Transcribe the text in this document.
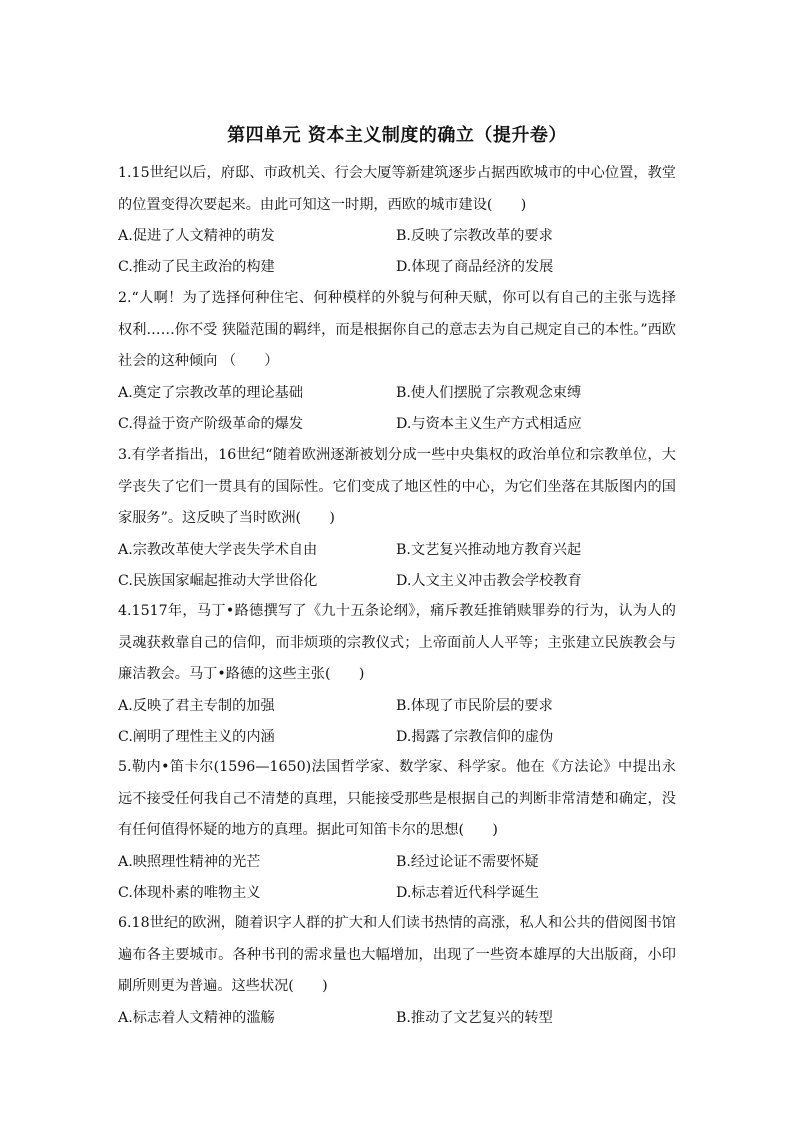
第四单元 资本主义制度的确立（提升卷）

1.15世纪以后，府邸、市政机关、行会大厦等新建筑逐步占据西欧城市的中心位置，教堂的位置变得次要起来。由此可知这一时期，西欧的城市建设(　　)

A.促进了人文精神的萌发	B.反映了宗教改革的要求
C.推动了民主政治的构建	D.体现了商品经济的发展

2.“人啊！为了选择何种住宅、何种模样的外貌与何种天赋，你可以有自己的主张与选择权利……你不受 狭隘范围的羁绊，而是根据你自己的意志去为自己规定自己的本性。”西欧社会的这种倾向 （　　）

A.奠定了宗教改革的理论基础	B.使人们摆脱了宗教观念束缚
C.得益于资产阶级革命的爆发	D.与资本主义生产方式相适应

3.有学者指出，16世纪“随着欧洲逐渐被划分成一些中央集权的政治单位和宗教单位，大学丧失了它们一贯具有的国际性。它们变成了地区性的中心，为它们坐落在其版图内的国家服务”。这反映了当时欧洲(　　)

A.宗教改革使大学丧失学术自由	B.文艺复兴推动地方教育兴起
C.民族国家崛起推动大学世俗化	D.人文主义冲击教会学校教育

4.1517年，马丁•路德撰写了《九十五条论纲》，痛斥教廷推销赎罪券的行为，认为人的灵魂获救靠自己的信仰，而非烦琐的宗教仪式；上帝面前人人平等；主张建立民族教会与廉洁教会。马丁•路德的这些主张(　　)

A.反映了君主专制的加强	B.体现了市民阶层的要求
C.阐明了理性主义的内涵	D.揭露了宗教信仰的虚伪

5.勒内•笛卡尔(1596—1650)法国哲学家、数学家、科学家。他在《方法论》中提出永远不接受任何我自己不清楚的真理，只能接受那些是根据自己的判断非常清楚和确定，没有任何值得怀疑的地方的真理。据此可知笛卡尔的思想(　　)

A.映照理性精神的光芒	B.经过论证不需要怀疑
C.体现朴素的唯物主义	D.标志着近代科学诞生

6.18世纪的欧洲，随着识字人群的扩大和人们读书热情的高涨，私人和公共的借阅图书馆遍布各主要城市。各种书刊的需求量也大幅增加，出现了一些资本雄厚的大出版商，小印刷所则更为普遍。这些状况(　　)

A.标志着人文精神的滥觞	B.推动了文艺复兴的转型
